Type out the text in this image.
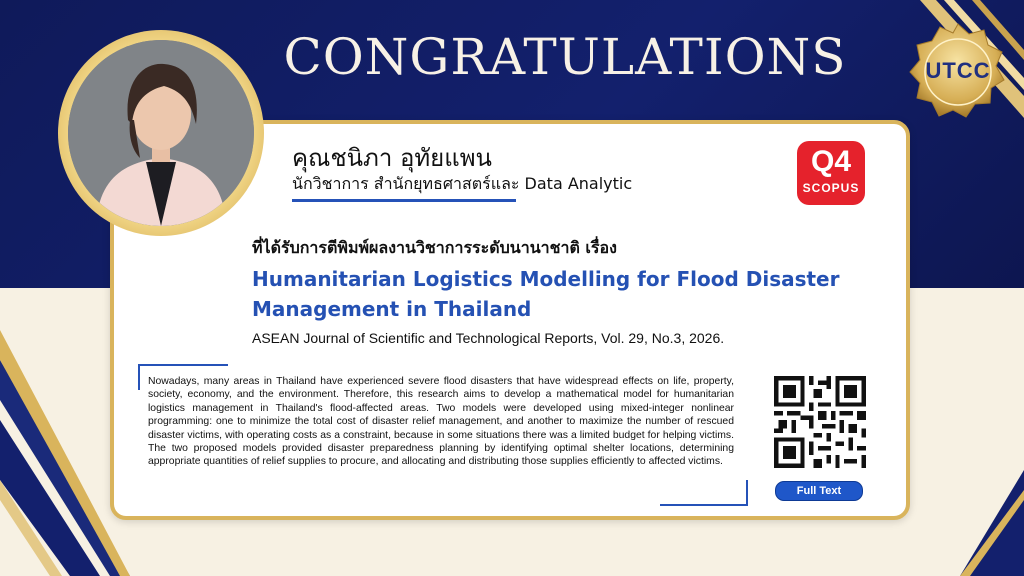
CONGRATULATIONS	UTCC
คุณชนิภา อุทัยแพน
นักวิชาการ สำนักยุทธศาสตร์และ Data Analytic
Q4
SCOPUS
ที่ได้รับการตีพิมพ์ผลงานวิชาการระดับนานาชาติ เรื่อง
Humanitarian Logistics Modelling for Flood Disaster
Management in Thailand
ASEAN Journal of Scientific and Technological Reports, Vol. 29, No.3, 2026.
Nowadays, many areas in Thailand have experienced severe flood disasters that have widespread effects on life, property, society, economy, and the environment. Therefore, this research aims to develop a mathematical model for humanitarian logistics management in Thailand's flood-affected areas. Two models were developed using mixed-integer nonlinear programming: one to minimize the total cost of disaster relief management, and another to maximize the number of rescued disaster victims, with operating costs as a constraint, because in some situations there was a limited budget for helping victims. The two proposed models provided disaster preparedness planning by identifying optimal shelter locations, determining appropriate quantities of relief supplies to procure, and allocating and distributing those supplies efficiently to affected victims.
Full Text
